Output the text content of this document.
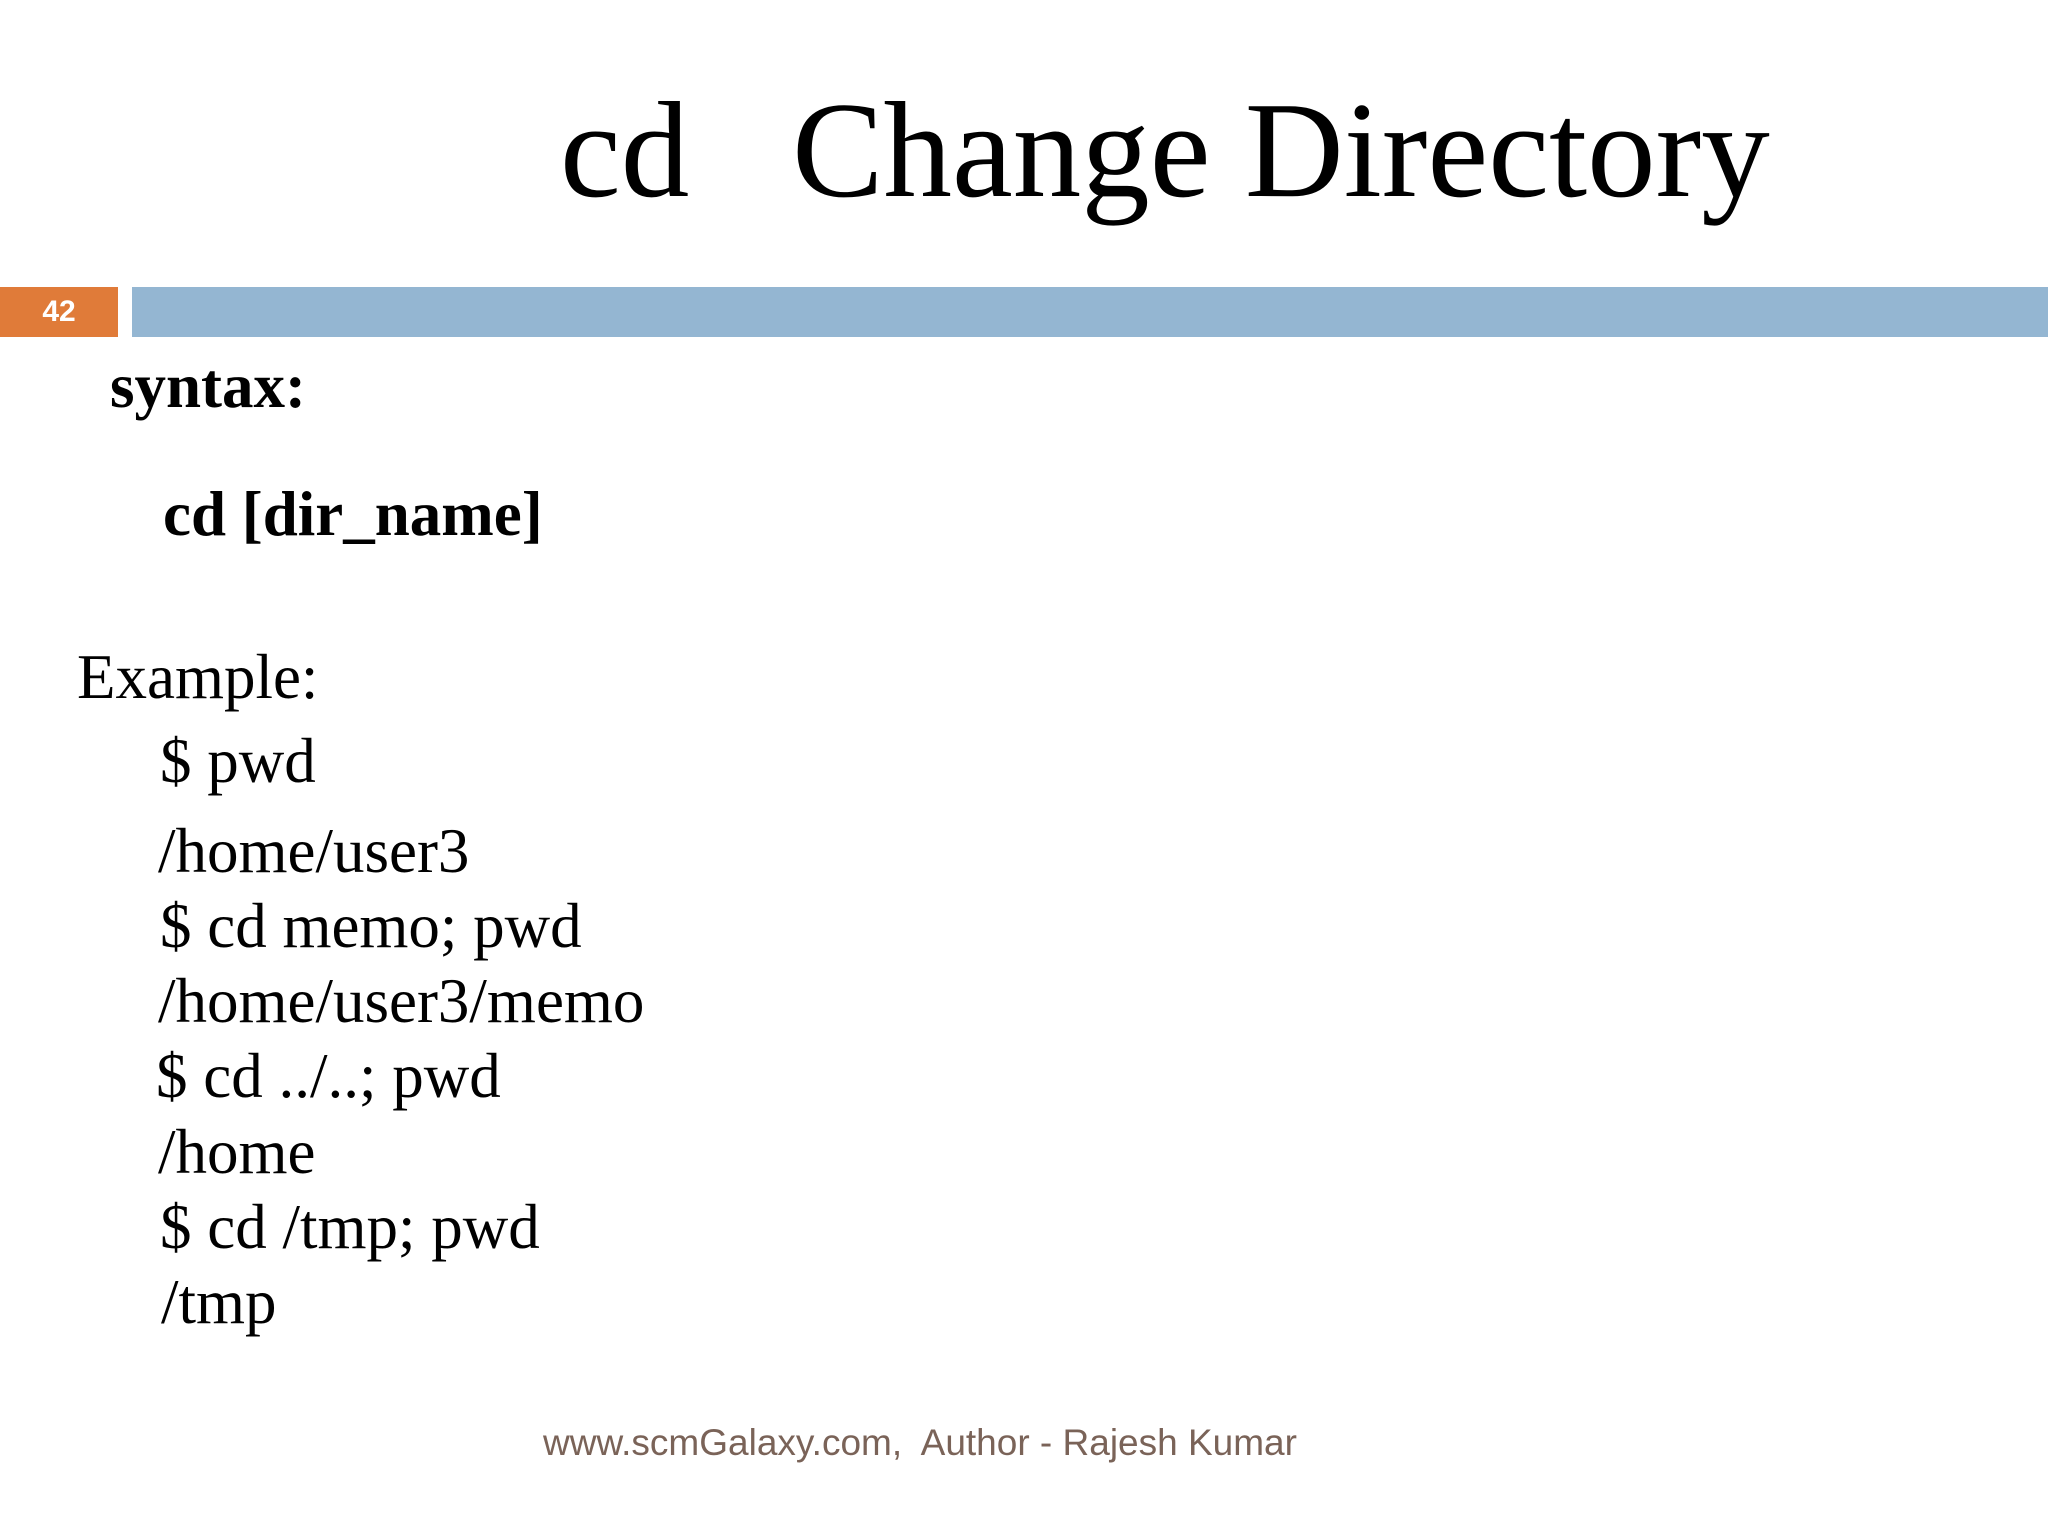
cd   Change Directory
42
syntax:
cd [dir_name]
Example:
$ pwd
/home/user3
$ cd memo; pwd
/home/user3/memo
$ cd ../..; pwd
/home
$ cd /tmp; pwd
/tmp
www.scmGalaxy.com,  Author - Rajesh Kumar
